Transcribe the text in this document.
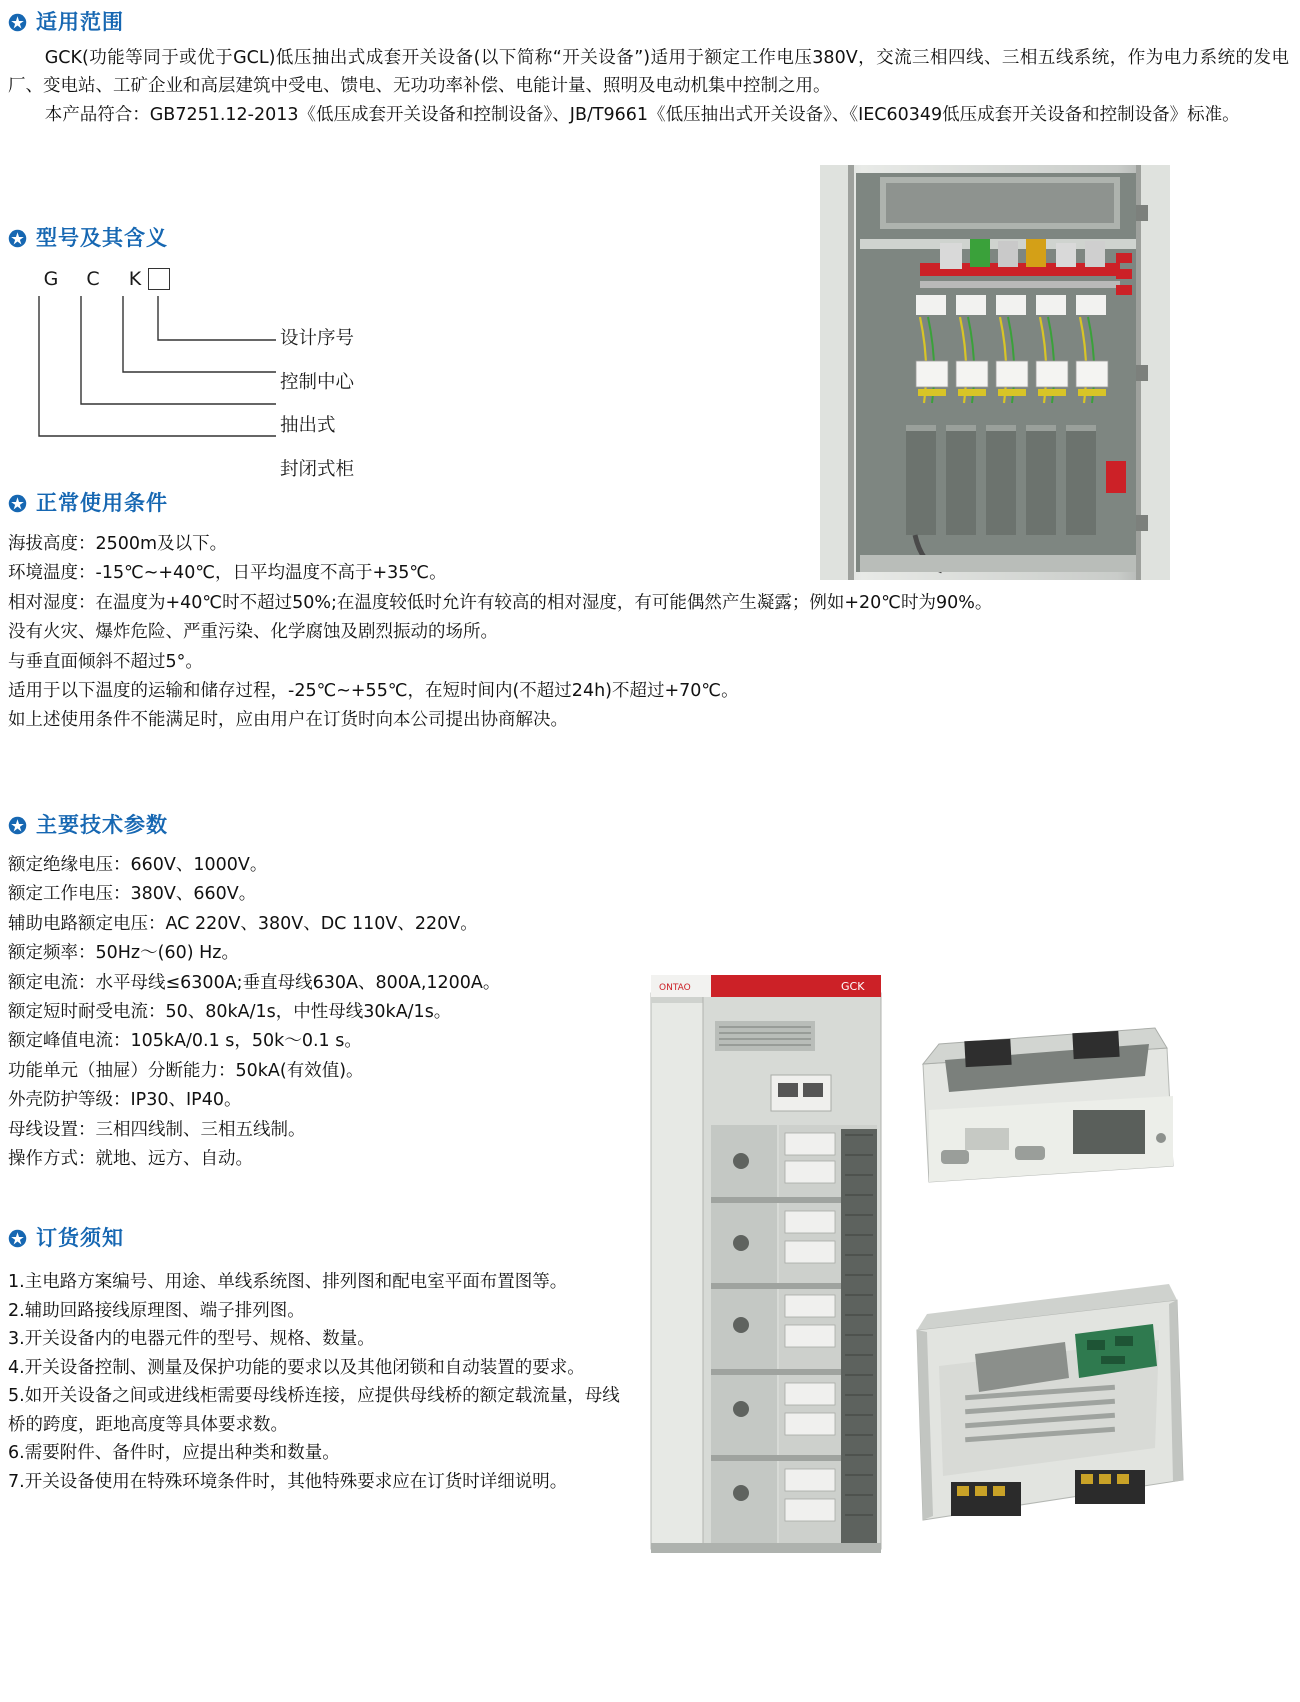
适用范围
GCK(功能等同于或优于GCL)低压抽出式成套开关设备(以下简称“开关设备”)适用于额定工作电压380V，交流三相四线、三相五线系统，作为电力系统的发电厂、变电站、工矿企业和高层建筑中受电、馈电、无功功率补偿、电能计量、照明及电动机集中控制之用。
本产品符合：GB7251.12-2013《低压成套开关设备和控制设备》、JB/T9661《低压抽出式开关设备》、《IEC60349低压成套开关设备和控制设备》标准。
型号及其含义
G	C	K
设计序号
控制中心
抽出式
封闭式柜
正常使用条件
海拔高度：2500m及以下。
环境温度：-15℃~+40℃，日平均温度不高于+35℃。
相对湿度：在温度为+40℃时不超过50%;在温度较低时允许有较高的相对湿度，有可能偶然产生凝露；例如+20℃时为90%。
没有火灾、爆炸危险、严重污染、化学腐蚀及剧烈振动的场所。
与垂直面倾斜不超过5°。
适用于以下温度的运输和储存过程，-25℃~+55℃，在短时间内(不超过24h)不超过+70℃。
如上述使用条件不能满足时，应由用户在订货时向本公司提出协商解决。
主要技术参数
额定绝缘电压：660V、1000V。
额定工作电压：380V、660V。
辅助电路额定电压：AC 220V、380V、DC 110V、220V。
额定频率：50Hz～(60) Hz。
额定电流：水平母线≤6300A;垂直母线630A、800A,1200A。
额定短时耐受电流：50、80kA/1s，中性母线30kA/1s。
额定峰值电流：105kA/0.1 s，50k～0.1 s。
功能单元（抽屉）分断能力：50kA(有效值)。
外壳防护等级：IP30、IP40。
母线设置：三相四线制、三相五线制。
操作方式：就地、远方、自动。
订货须知
1.主电路方案编号、用途、单线系统图、排列图和配电室平面布置图等。
2.辅助回路接线原理图、端子排列图。
3.开关设备内的电器元件的型号、规格、数量。
4.开关设备控制、测量及保护功能的要求以及其他闭锁和自动装置的要求。
5.如开关设备之间或进线柜需要母线桥连接，应提供母线桥的额定载流量，母线桥的跨度，距地高度等具体要求数。
6.需要附件、备件时，应提出种类和数量。
7.开关设备使用在特殊环境条件时，其他特殊要求应在订货时详细说明。
ONTAO	GCK
